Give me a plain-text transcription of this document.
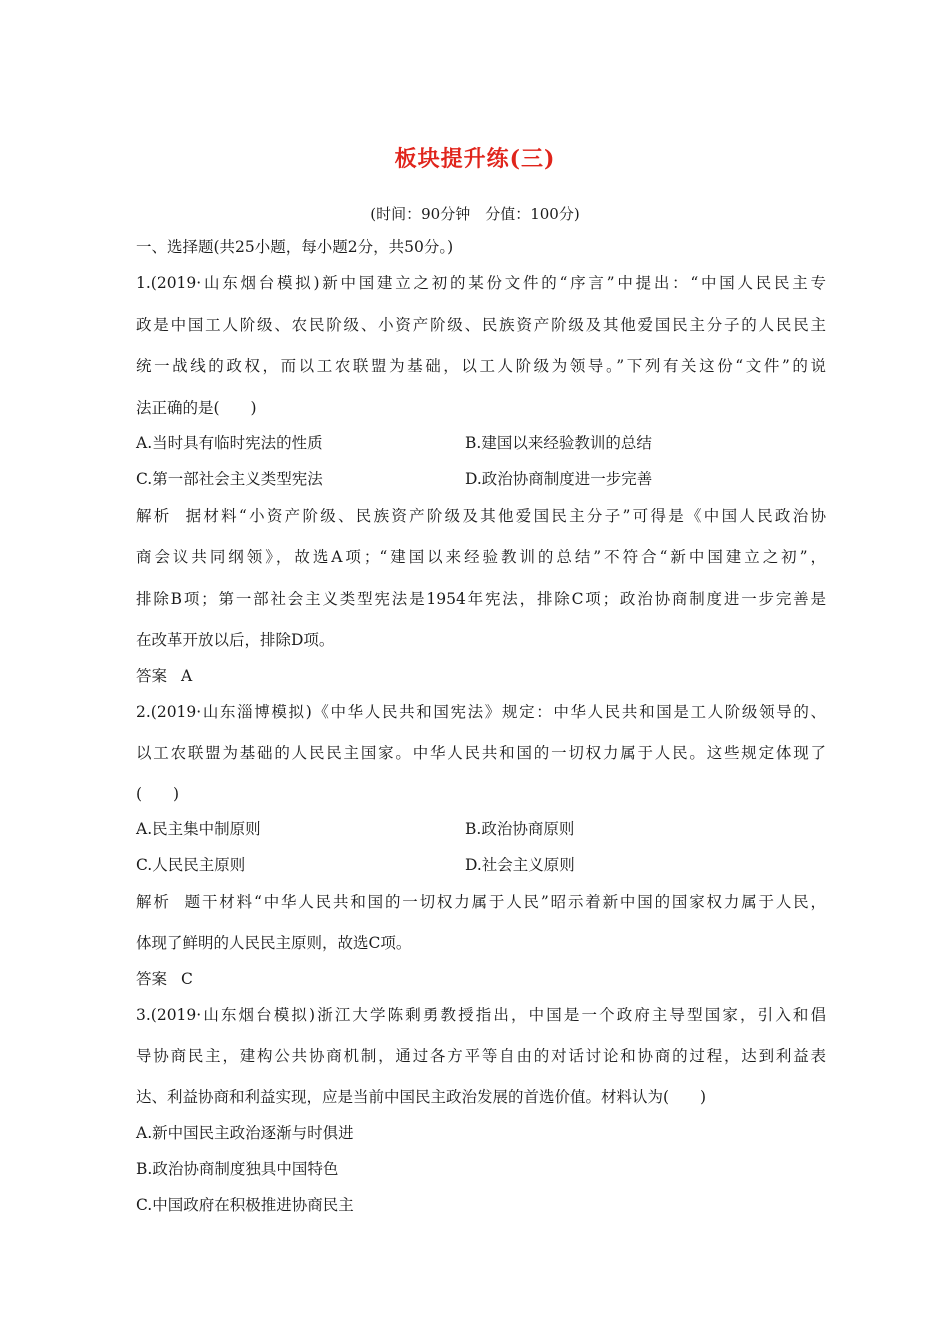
板块提升练(三)
(时间：90分钟　分值：100分)
一、选择题(共25小题，每小题2分，共50分。)
1.(2019·山东烟台模拟)新中国建立之初的某份文件的“序言”中提出：“中国人民民主专
政是中国工人阶级、农民阶级、小资产阶级、民族资产阶级及其他爱国民主分子的人民民主
统一战线的政权，而以工农联盟为基础，以工人阶级为领导。”下列有关这份“文件”的说
法正确的是(　　)
A.当时具有临时宪法的性质	B.建国以来经验教训的总结
C.第一部社会主义类型宪法	D.政治协商制度进一步完善
解析 据材料“小资产阶级、民族资产阶级及其他爱国民主分子”可得是《中国人民政治协
商会议共同纲领》，故选A项；“建国以来经验教训的总结”不符合“新中国建立之初”，
排除B项；第一部社会主义类型宪法是1954年宪法，排除C项；政治协商制度进一步完善是
在改革开放以后，排除D项。
答案 A
2.(2019·山东淄博模拟)《中华人民共和国宪法》规定：中华人民共和国是工人阶级领导的、
以工农联盟为基础的人民民主国家。中华人民共和国的一切权力属于人民。这些规定体现了
(　　)
A.民主集中制原则	B.政治协商原则
C.人民民主原则	D.社会主义原则
解析 题干材料“中华人民共和国的一切权力属于人民”昭示着新中国的国家权力属于人民，
体现了鲜明的人民民主原则，故选C项。
答案 C
3.(2019·山东烟台模拟)浙江大学陈剩勇教授指出，中国是一个政府主导型国家，引入和倡
导协商民主，建构公共协商机制，通过各方平等自由的对话讨论和协商的过程，达到利益表
达、利益协商和利益实现，应是当前中国民主政治发展的首选价值。材料认为(　　)
A.新中国民主政治逐渐与时俱进
B.政治协商制度独具中国特色
C.中国政府在积极推进协商民主
